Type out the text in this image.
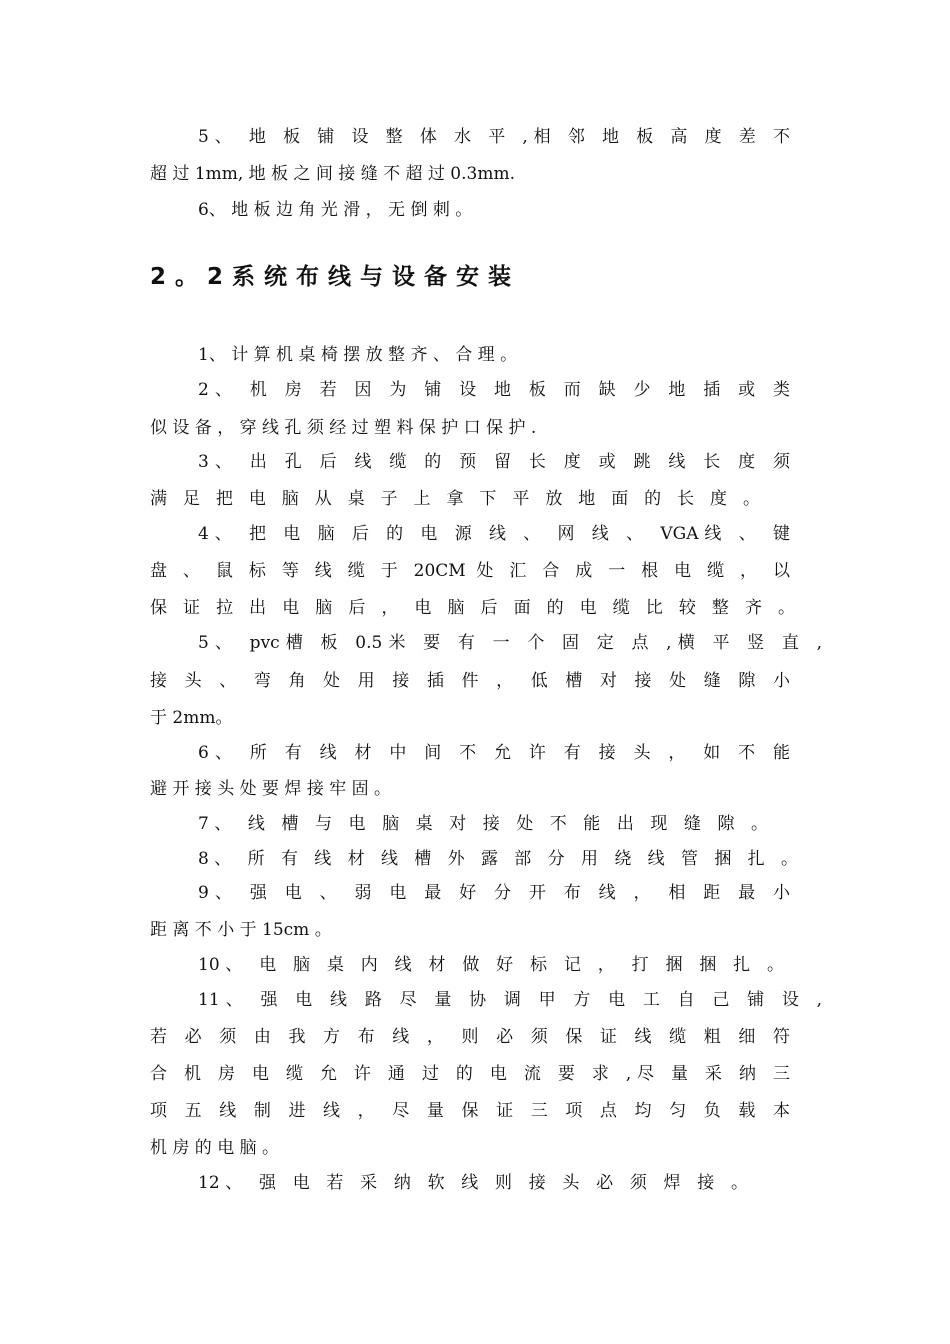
5、 地 板 铺 设 整 体 水 平 ,相 邻 地 板 高 度 差 不
超 过 1mm, 地 板 之 间 接 缝 不 超 过 0.3mm.
6、 地 板 边 角 光 滑 ， 无 倒 刺 。
2。2系统布线与设备安装
1、 计 算 机 桌 椅 摆 放 整 齐 、 合 理 。
2、 机 房 若 因 为 铺 设 地 板 而 缺 少 地 插 或 类
似 设 备 ， 穿 线 孔 须 经 过 塑 料 保 护 口 保 护 .
3、 出 孔 后 线 缆 的 预 留 长 度 或 跳 线 长 度 须
满 足 把 电 脑 从 桌 子 上 拿 下 平 放 地 面 的 长 度 。
4、 把 电 脑 后 的 电 源 线 、 网 线 、 VGA线 、 键
盘 、 鼠 标 等 线 缆 于 20CM 处 汇 合 成 一 根 电 缆 ， 以
保 证 拉 出 电 脑 后 ， 电 脑 后 面 的 电 缆 比 较 整 齐 。
5、 pvc槽 板 0.5米 要 有 一 个 固 定 点 ,横 平 竖 直 ,
接 头 、 弯 角 处 用 接 插 件 ， 低 槽 对 接 处 缝 隙 小
于 2mm。
6、 所 有 线 材 中 间 不 允 许 有 接 头 ， 如 不 能
避 开 接 头 处 要 焊 接 牢 固 。
7、 线 槽 与 电 脑 桌 对 接 处 不 能 出 现 缝 隙 。
8、 所 有 线 材 线 槽 外 露 部 分 用 绕 线 管 捆 扎 。
9、 强 电 、 弱 电 最 好 分 开 布 线 ， 相 距 最 小
距 离 不 小 于 15cm 。
10、 电 脑 桌 内 线 材 做 好 标 记 ， 打 捆 捆 扎 。
11、 强 电 线 路 尽 量 协 调 甲 方 电 工 自 己 铺 设 ,
若 必 须 由 我 方 布 线 ， 则 必 须 保 证 线 缆 粗 细 符
合 机 房 电 缆 允 许 通 过 的 电 流 要 求 ,尽 量 采 纳 三
项 五 线 制 进 线 ， 尽 量 保 证 三 项 点 均 匀 负 载 本
机 房 的 电 脑 。
12、 强 电 若 采 纳 软 线 则 接 头 必 须 焊 接 。
